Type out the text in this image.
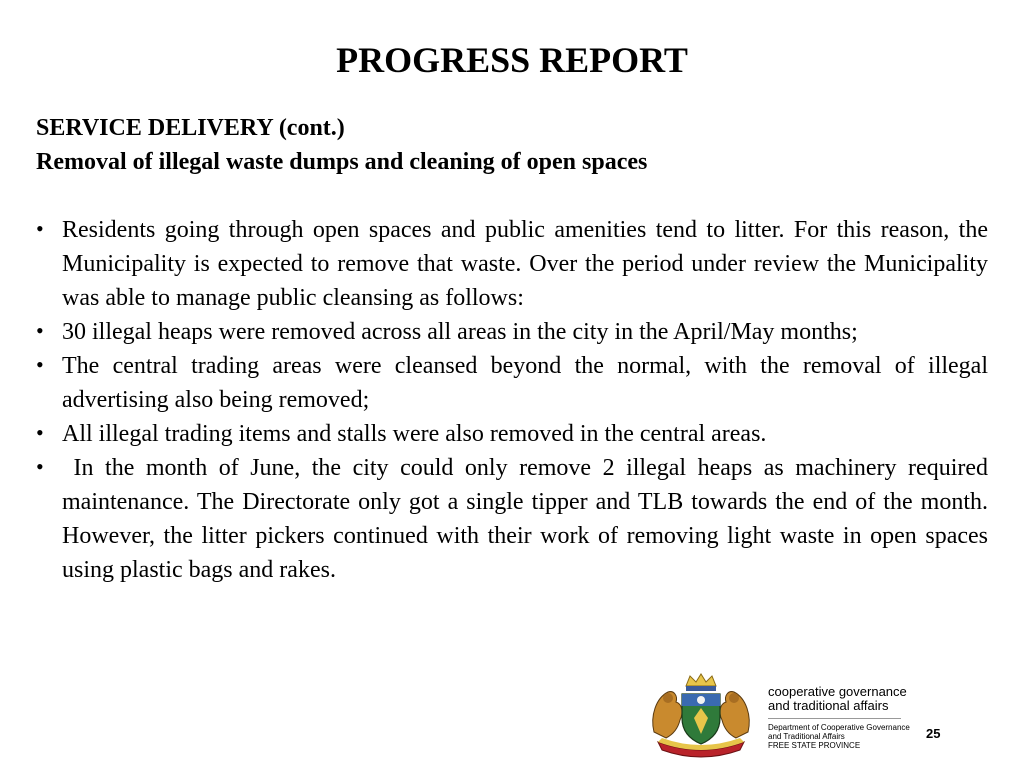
PROGRESS REPORT
SERVICE DELIVERY (cont.)
Removal of illegal waste dumps and cleaning of open spaces
• Residents going through open spaces and public amenities tend to litter. For this reason, the Municipality is expected to remove that waste. Over the period under review the Municipality was able to manage public cleansing as follows:
• 30 illegal heaps were removed across all areas in the city in the April/May months;
• The central trading areas were cleansed beyond the normal, with the removal of illegal advertising also being removed;
• All illegal trading items and stalls were also removed in the central areas.
• In the month of June, the city could only remove 2 illegal heaps as machinery required maintenance. The Directorate only got a single tipper and TLB towards the end of the month. However, the litter pickers continued with their work of removing light waste in open spaces using plastic bags and rakes.
cooperative governance
and traditional affairs
Department of Cooperative Governance
and Traditional Affairs
FREE STATE PROVINCE
25
